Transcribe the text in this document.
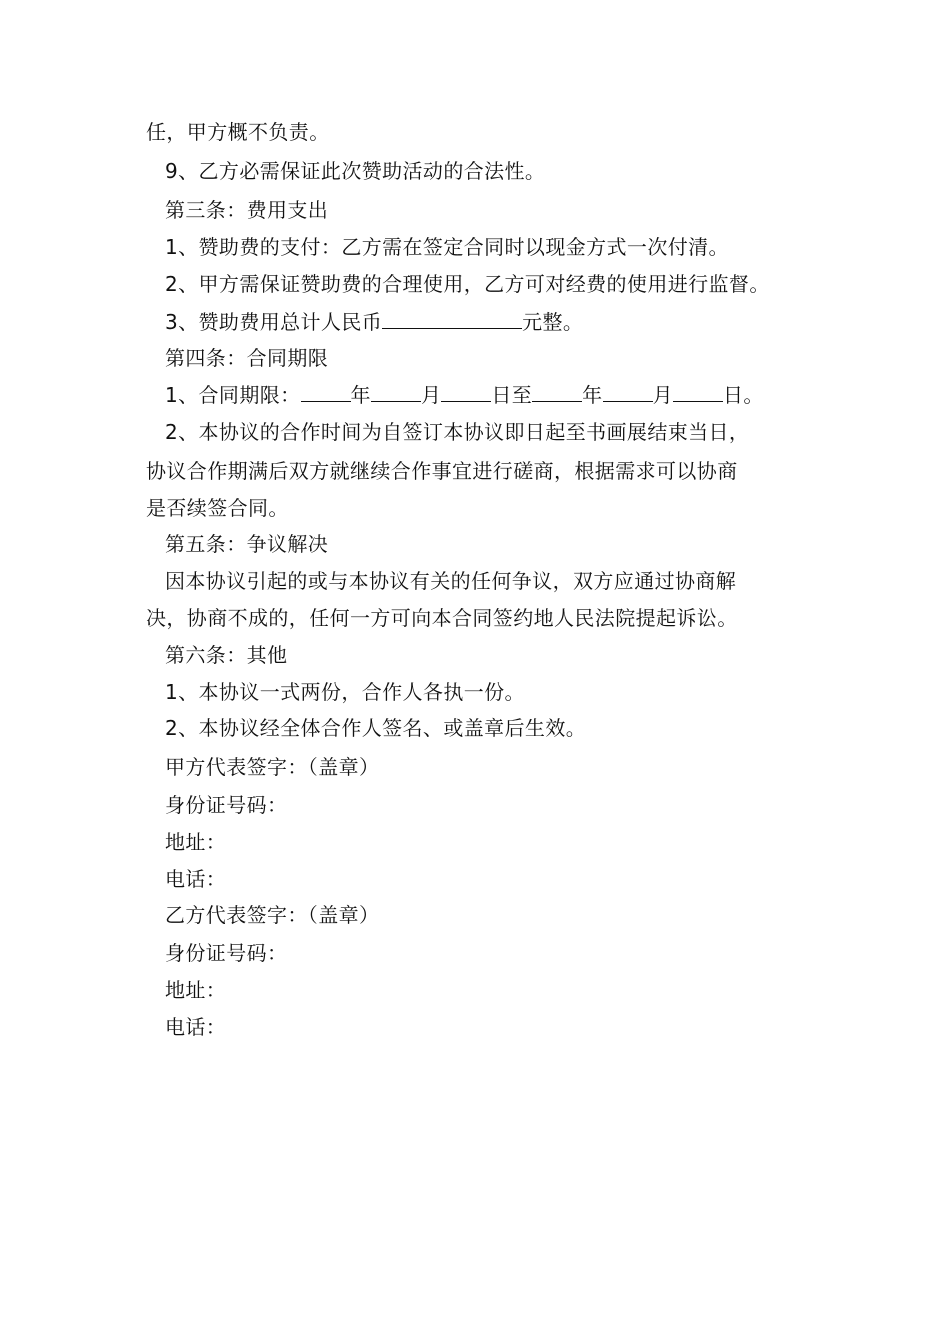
任，甲方概不负责。
9、乙方必需保证此次赞助活动的合法性。
第三条：费用支出
1、赞助费的支付：乙方需在签定合同时以现金方式一次付清。
2、甲方需保证赞助费的合理使用，乙方可对经费的使用进行监督。
3、赞助费用总计人民币	元整。
第四条：合同期限
1、合同期限：	年	月	日至	年	月	日。
2、本协议的合作时间为自签订本协议即日起至书画展结束当日，
协议合作期满后双方就继续合作事宜进行磋商，根据需求可以协商
是否续签合同。
第五条：争议解决
因本协议引起的或与本协议有关的任何争议，双方应通过协商解
决，协商不成的，任何一方可向本合同签约地人民法院提起诉讼。
第六条：其他
1、本协议一式两份，合作人各执一份。
2、本协议经全体合作人签名、或盖章后生效。
甲方代表签字：（盖章）
身份证号码：
地址：
电话：
乙方代表签字：（盖章）
身份证号码：
地址：
电话：
